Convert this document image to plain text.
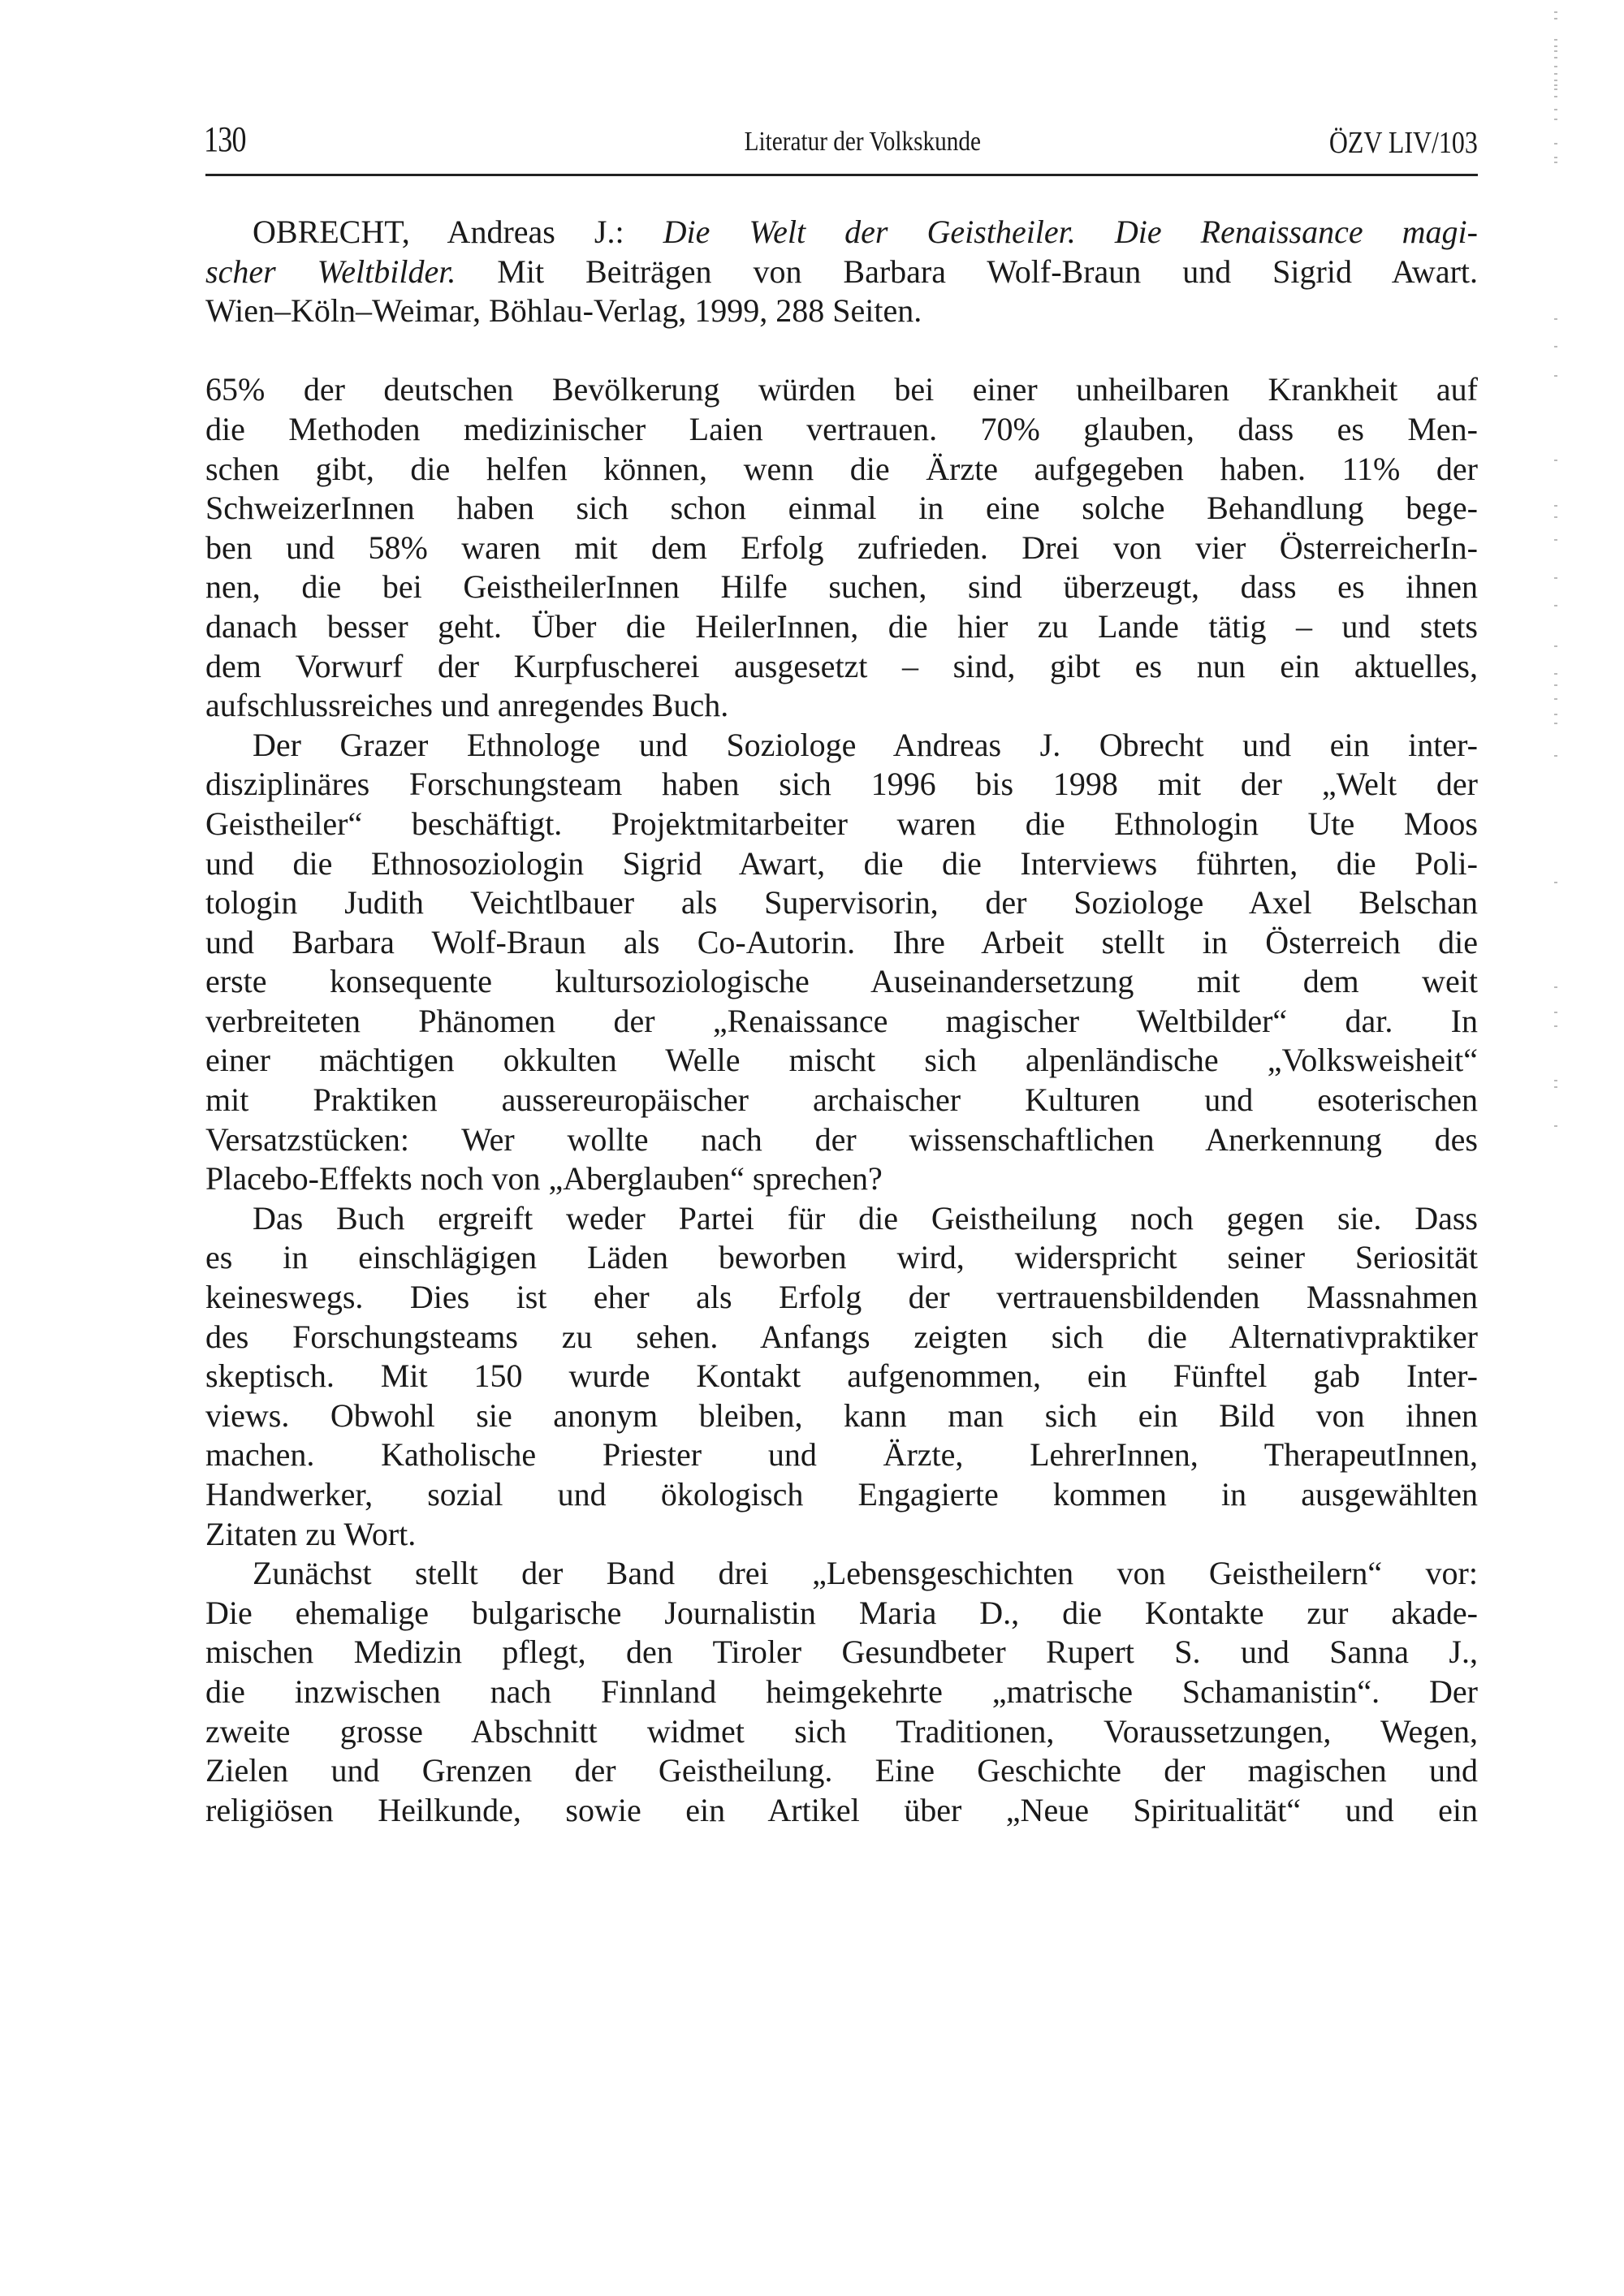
130	Literatur der Volkskunde	ÖZV LIV/103
OBRECHT, Andreas J.: Die Welt der Geistheiler. Die Renaissance magi-
scher Weltbilder. Mit Beiträgen von Barbara Wolf-Braun und Sigrid Awart.
Wien–Köln–Weimar, Böhlau-Verlag, 1999, 288 Seiten.
65% der deutschen Bevölkerung würden bei einer unheilbaren Krankheit auf
die Methoden medizinischer Laien vertrauen. 70% glauben, dass es Men-
schen gibt, die helfen können, wenn die Ärzte aufgegeben haben. 11% der
SchweizerInnen haben sich schon einmal in eine solche Behandlung bege-
ben und 58% waren mit dem Erfolg zufrieden. Drei von vier ÖsterreicherIn-
nen, die bei GeistheilerInnen Hilfe suchen, sind überzeugt, dass es ihnen
danach besser geht. Über die HeilerInnen, die hier zu Lande tätig – und stets
dem Vorwurf der Kurpfuscherei ausgesetzt – sind, gibt es nun ein aktuelles,
aufschlussreiches und anregendes Buch.
Der Grazer Ethnologe und Soziologe Andreas J. Obrecht und ein inter-
disziplinäres Forschungsteam haben sich 1996 bis 1998 mit der „Welt der
Geistheiler“ beschäftigt. Projektmitarbeiter waren die Ethnologin Ute Moos
und die Ethnosoziologin Sigrid Awart, die die Interviews führten, die Poli-
tologin Judith Veichtlbauer als Supervisorin, der Soziologe Axel Belschan
und Barbara Wolf-Braun als Co-Autorin. Ihre Arbeit stellt in Österreich die
erste konsequente kultursoziologische Auseinandersetzung mit dem weit
verbreiteten Phänomen der „Renaissance magischer Weltbilder“ dar. In
einer mächtigen okkulten Welle mischt sich alpenländische „Volksweisheit“
mit Praktiken aussereuropäischer archaischer Kulturen und esoterischen
Versatzstücken: Wer wollte nach der wissenschaftlichen Anerkennung des
Placebo-Effekts noch von „Aberglauben“ sprechen?
Das Buch ergreift weder Partei für die Geistheilung noch gegen sie. Dass
es in einschlägigen Läden beworben wird, widerspricht seiner Seriosität
keineswegs. Dies ist eher als Erfolg der vertrauensbildenden Massnahmen
des Forschungsteams zu sehen. Anfangs zeigten sich die Alternativpraktiker
skeptisch. Mit 150 wurde Kontakt aufgenommen, ein Fünftel gab Inter-
views. Obwohl sie anonym bleiben, kann man sich ein Bild von ihnen
machen. Katholische Priester und Ärzte, LehrerInnen, TherapeutInnen,
Handwerker, sozial und ökologisch Engagierte kommen in ausgewählten
Zitaten zu Wort.
Zunächst stellt der Band drei „Lebensgeschichten von Geistheilern“ vor:
Die ehemalige bulgarische Journalistin Maria D., die Kontakte zur akade-
mischen Medizin pflegt, den Tiroler Gesundbeter Rupert S. und Sanna J.,
die inzwischen nach Finnland heimgekehrte „matrische Schamanistin“. Der
zweite grosse Abschnitt widmet sich Traditionen, Voraussetzungen, Wegen,
Zielen und Grenzen der Geistheilung. Eine Geschichte der magischen und
religiösen Heilkunde, sowie ein Artikel über „Neue Spiritualität“ und ein
